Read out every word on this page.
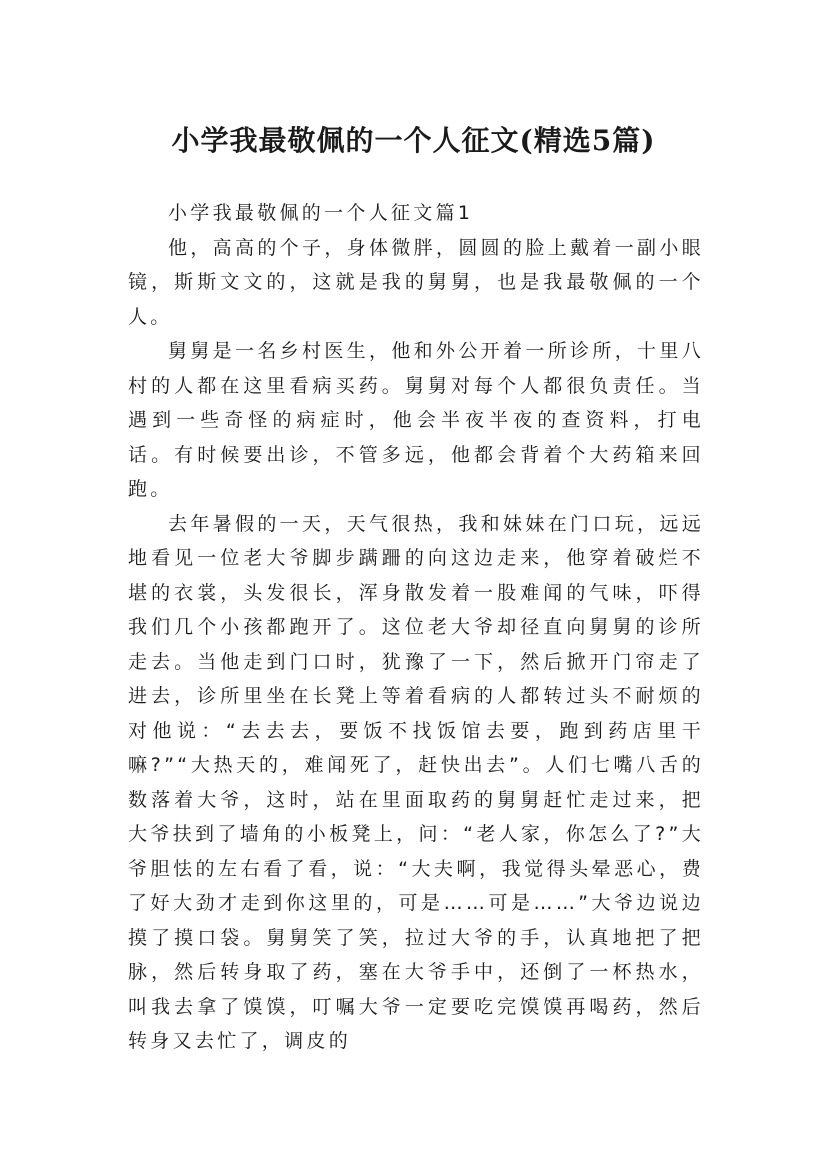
小学我最敬佩的一个人征文(精选5篇)

小学我最敬佩的一个人征文篇1

他，高高的个子，身体微胖，圆圆的脸上戴着一副小眼镜，斯斯文文的，这就是我的舅舅，也是我最敬佩的一个人。

舅舅是一名乡村医生，他和外公开着一所诊所，十里八村的人都在这里看病买药。舅舅对每个人都很负责任。当遇到一些奇怪的病症时，他会半夜半夜的查资料，打电话。有时候要出诊，不管多远，他都会背着个大药箱来回跑。

去年暑假的一天，天气很热，我和妹妹在门口玩，远远地看见一位老大爷脚步蹒跚的向这边走来，他穿着破烂不堪的衣裳，头发很长，浑身散发着一股难闻的气味，吓得我们几个小孩都跑开了。这位老大爷却径直向舅舅的诊所走去。当他走到门口时，犹豫了一下，然后掀开门帘走了进去，诊所里坐在长凳上等着看病的人都转过头不耐烦的对他说：“去去去，要饭不找饭馆去要，跑到药店里干嘛?”“大热天的，难闻死了，赶快出去”。人们七嘴八舌的数落着大爷，这时，站在里面取药的舅舅赶忙走过来，把大爷扶到了墙角的小板凳上，问：“老人家，你怎么了?”大爷胆怯的左右看了看，说：“大夫啊，我觉得头晕恶心，费了好大劲才走到你这里的，可是……可是……”大爷边说边摸了摸口袋。舅舅笑了笑，拉过大爷的手，认真地把了把脉，然后转身取了药，塞在大爷手中，还倒了一杯热水，叫我去拿了馍馍，叮嘱大爷一定要吃完馍馍再喝药，然后转身又去忙了，调皮的
